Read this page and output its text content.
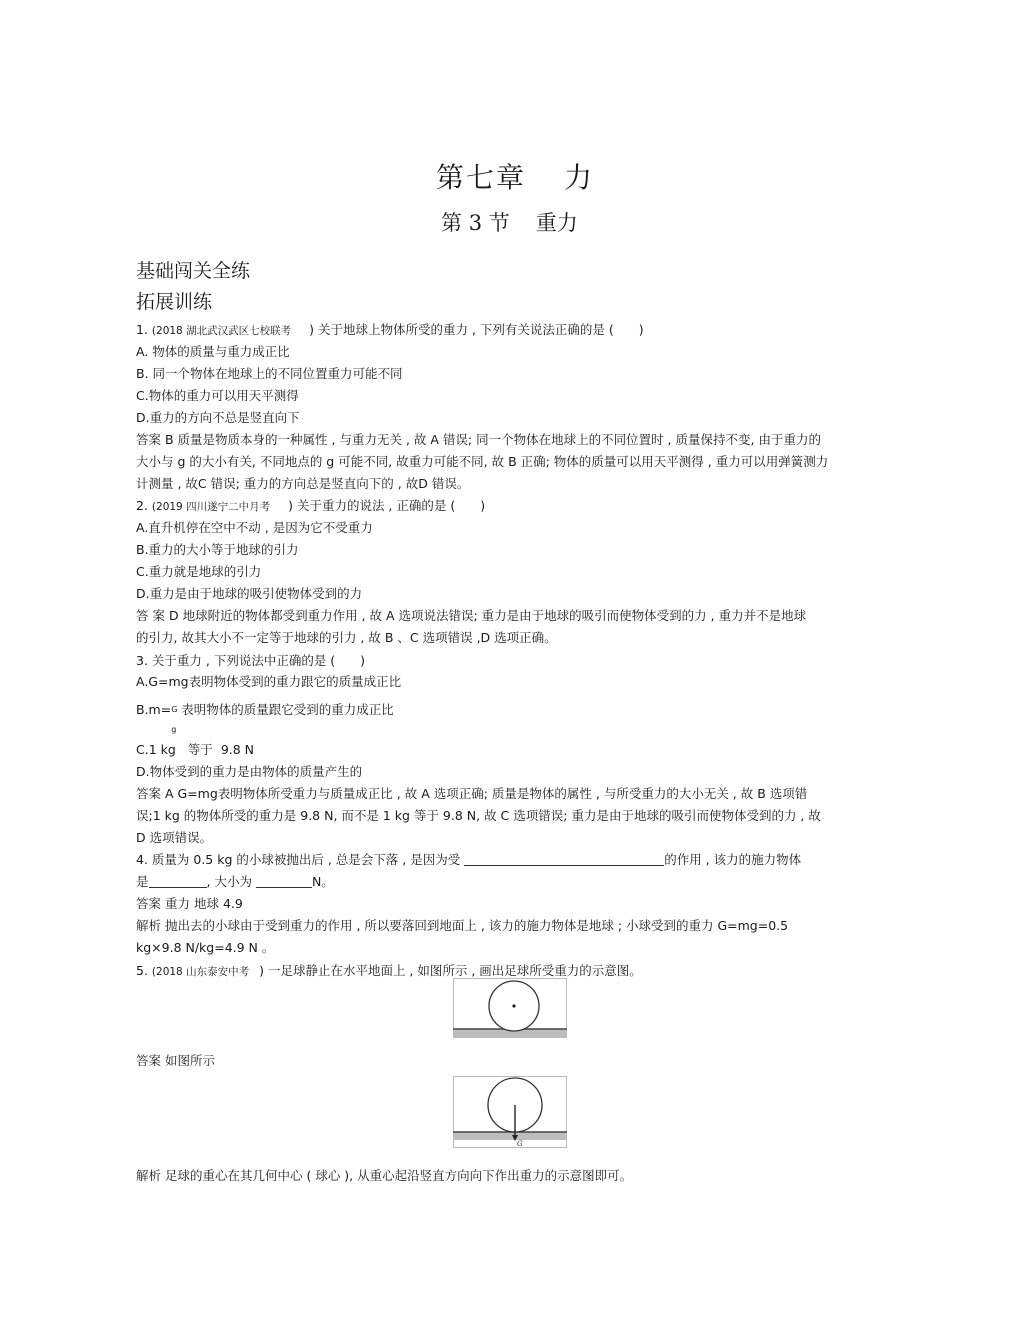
第七章 力
第 3 节 重力
基础闯关全练
拓展训练
1. (2018 湖北武汉武区七校联考 ) 关于地球上物体所受的重力 , 下列有关说法正确的是 (　　)
A. 物体的质量与重力成正比
B. 同一个物体在地球上的不同位置重力可能不同
C.物体的重力可以用天平测得
D.重力的方向不总是竖直向下
答案 B 质量是物质本身的一种属性 , 与重力无关 , 故 A 错误; 同一个物体在地球上的不同位置时 , 质量保持不变, 由于重力的
大小与 g 的大小有关, 不同地点的 g 可能不同, 故重力可能不同, 故 B 正确; 物体的质量可以用天平测得 , 重力可以用弹簧测力
计测量 , 故C 错误; 重力的方向总是竖直向下的 , 故D 错误。
2. (2019 四川遂宁二中月考 ) 关于重力的说法 , 正确的是 (　　)
A.直升机停在空中不动 , 是因为它不受重力
B.重力的大小等于地球的引力
C.重力就是地球的引力
D.重力是由于地球的吸引使物体受到的力
答 案 D 地球附近的物体都受到重力作用 , 故 A 选项说法错误; 重力是由于地球的吸引而使物体受到的力 , 重力并不是地球
的引力, 故其大小不一定等于地球的引力 , 故 B 、C 选项错误 ,D 选项正确。
3. 关于重力 , 下列说法中正确的是 (　　)
A.G=mg表明物体受到的重力跟它的质量成正比
B.m= G
g
表明物体的质量跟它受到的重力成正比
C.1 kg 等于 9.8 N
D.物体受到的重力是由物体的质量产生的
答案 A G=mg表明物体所受重力与质量成正比 , 故 A 选项正确; 质量是物体的属性 , 与所受重力的大小无关 , 故 B 选项错
误;1 kg 的物体所受的重力是 9.8 N, 而不是 1 kg 等于 9.8 N, 故 C 选项错误; 重力是由于地球的吸引而使物体受到的力 , 故
D 选项错误。
4. 质量为 0.5 kg 的小球被抛出后 , 总是会下落 , 是因为受	的作用 , 该力的施力物体
是	, 大小为	N。
答案 重力 地球 4.9
解析 抛出去的小球由于受到重力的作用 , 所以要落回到地面上 , 该力的施力物体是地球 ; 小球受到的重力 G=mg=0.5
kg×9.8 N/kg=4.9 N 。
5. (2018 山东泰安中考 ) 一足球静止在水平地面上 , 如图所示 , 画出足球所受重力的示意图。
答案 如图所示
G
解析 足球的重心在其几何中心 ( 球心 ), 从重心起沿竖直方向向下作出重力的示意图即可。
